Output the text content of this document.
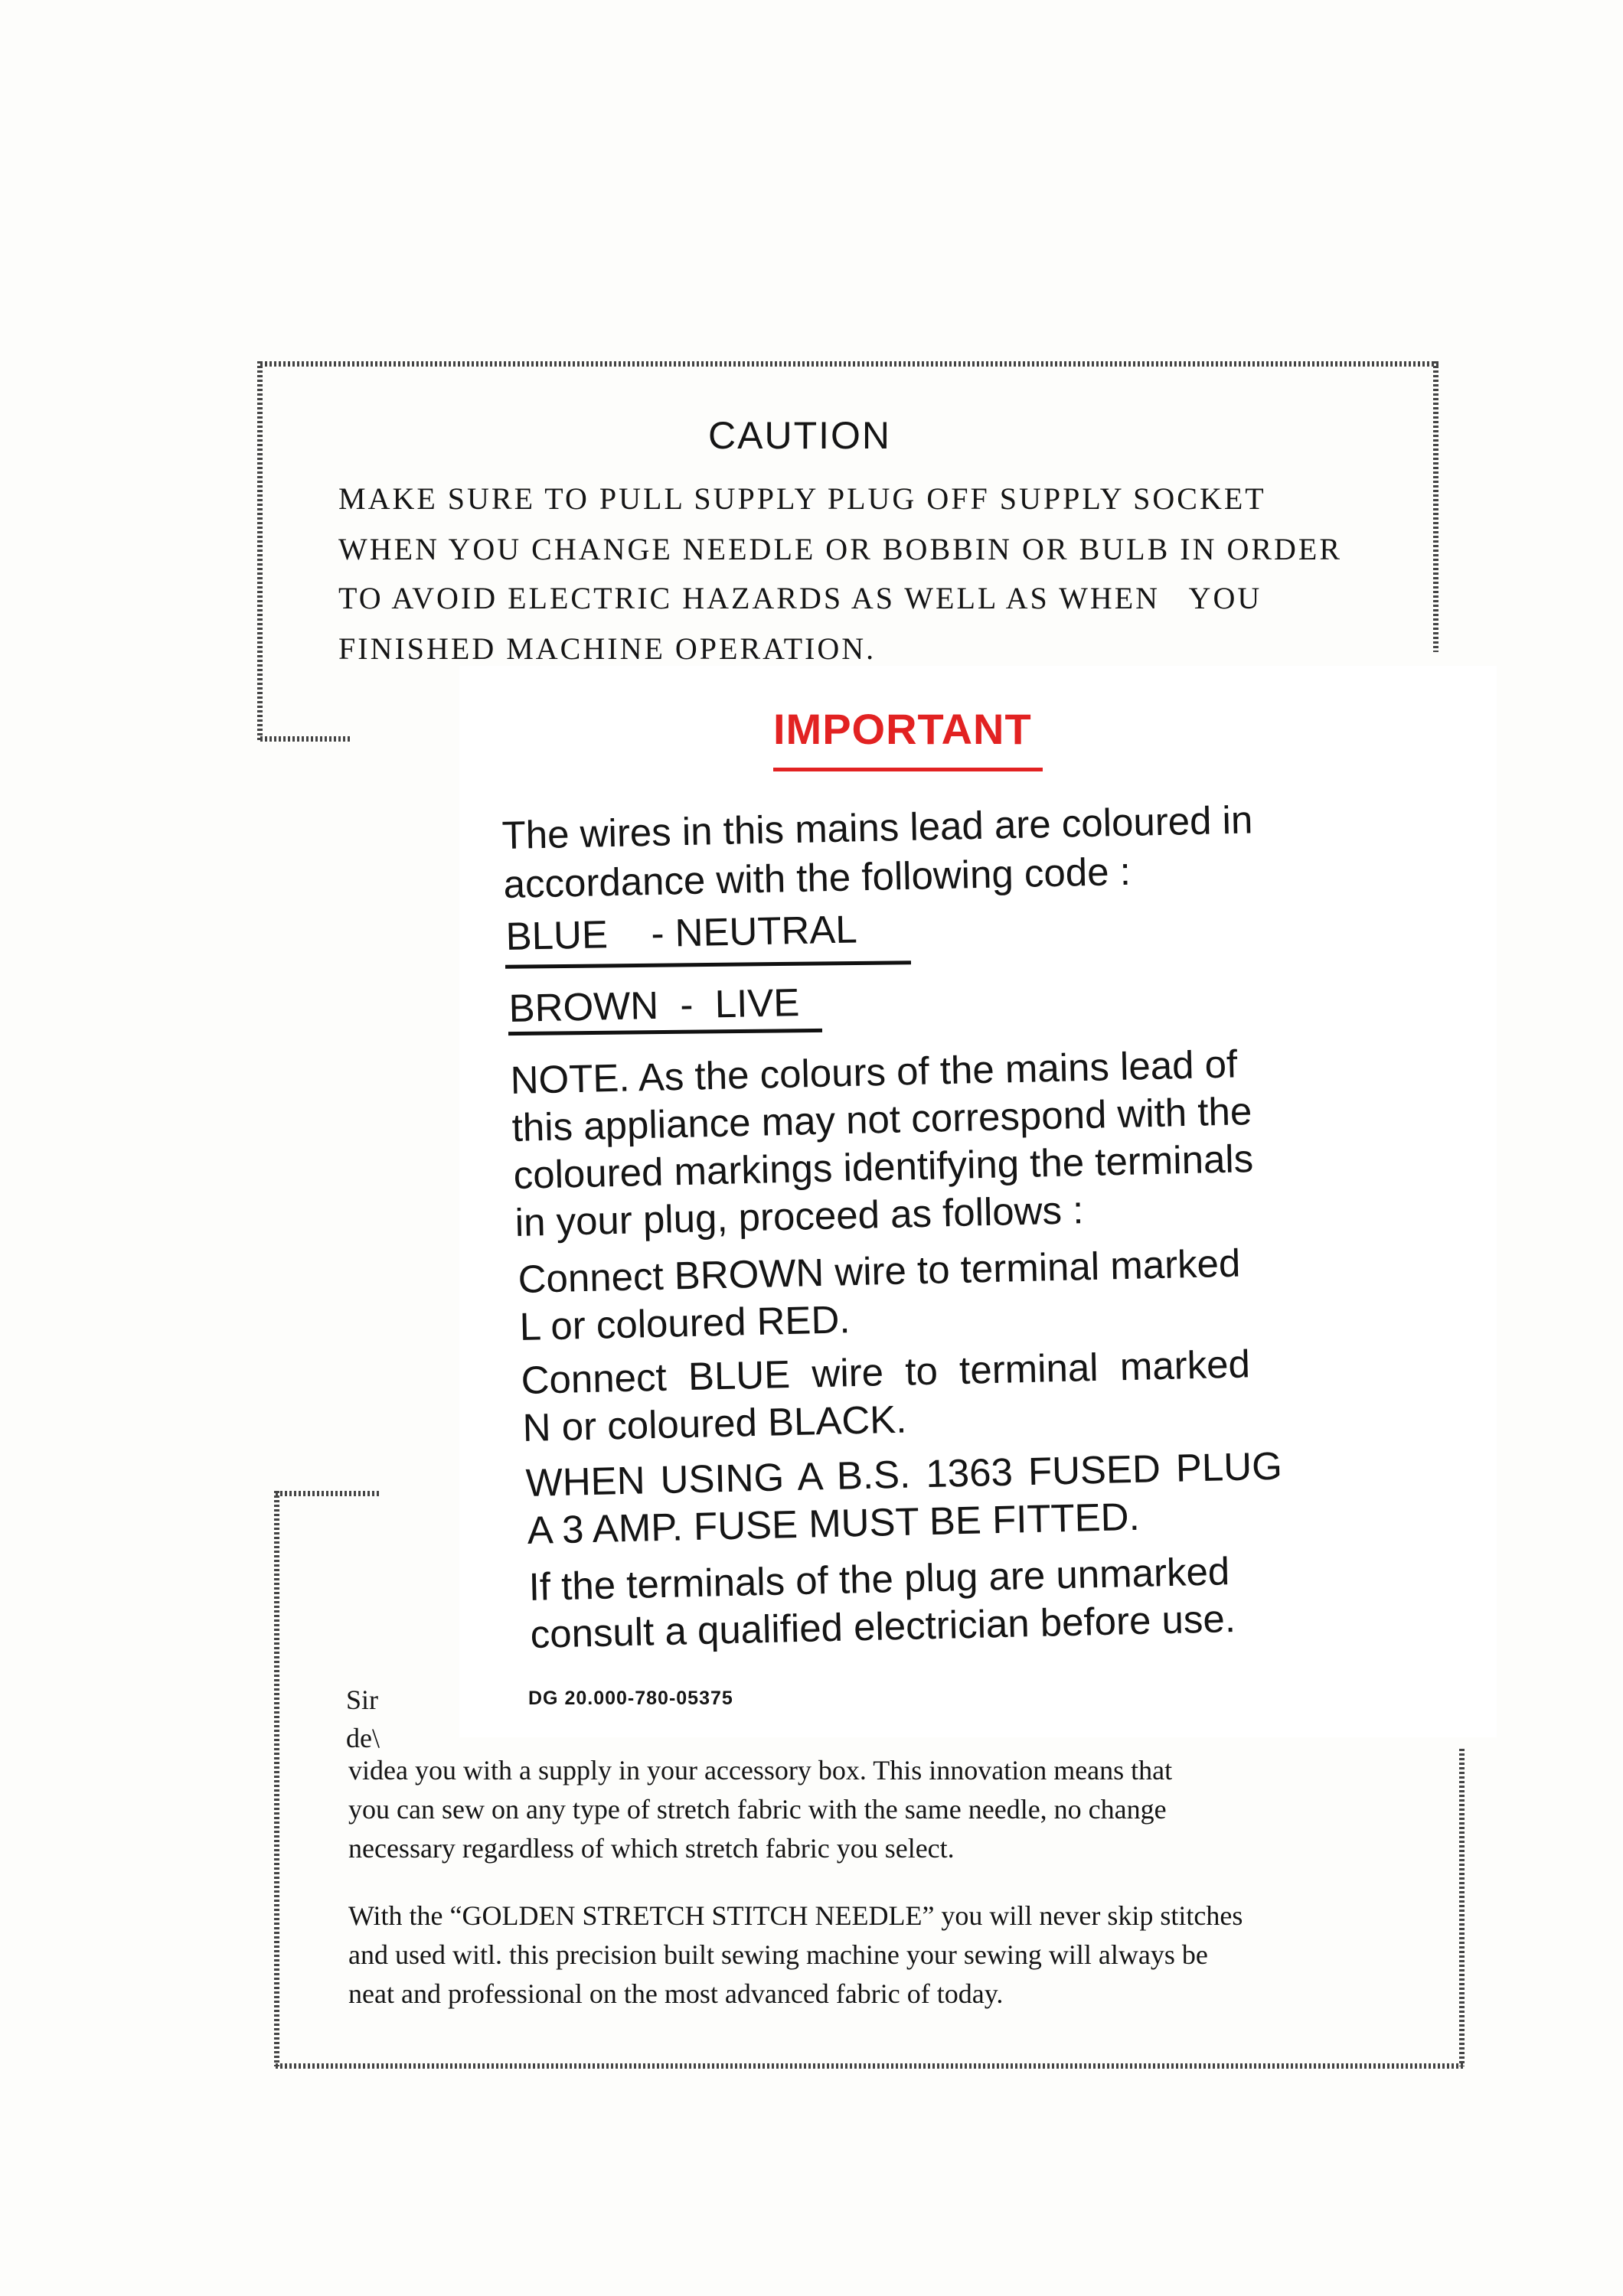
CAUTION
MAKE SURE TO PULL SUPPLY PLUG OFF SUPPLY SOCKET
WHEN YOU CHANGE NEEDLE OR BOBBIN OR BULB IN ORDER
TO AVOID ELECTRIC HAZARDS AS WELL AS WHEN   YOU
FINISHED MACHINE OPERATION.
IMPORTANT
The wires in this mains lead are coloured in
accordance with the following code :
BLUE    - NEUTRAL
BROWN  -  LIVE
NOTE. As the colours of the mains lead of
this appliance may not correspond with the
coloured markings identifying the terminals
in your plug, proceed as follows :
Connect BROWN wire to terminal marked
L or coloured RED.
Connect  BLUE  wire  to  terminal  marked
N or coloured BLACK.
WHEN USING A B.S. 1363 FUSED PLUG
A 3 AMP. FUSE MUST BE FITTED.
If the terminals of the plug are unmarked
consult a qualified electrician before use.
DG 20.000-780-05375
Sir
de\
videa you with a supply in your accessory box. This innovation means that
you can sew on any type of stretch fabric with the same needle, no change
necessary regardless of which stretch fabric you select.
With the “GOLDEN STRETCH STITCH NEEDLE” you will never skip stitches
and used witl. this precision built sewing machine your sewing will always be
neat and professional on the most advanced fabric of today.
